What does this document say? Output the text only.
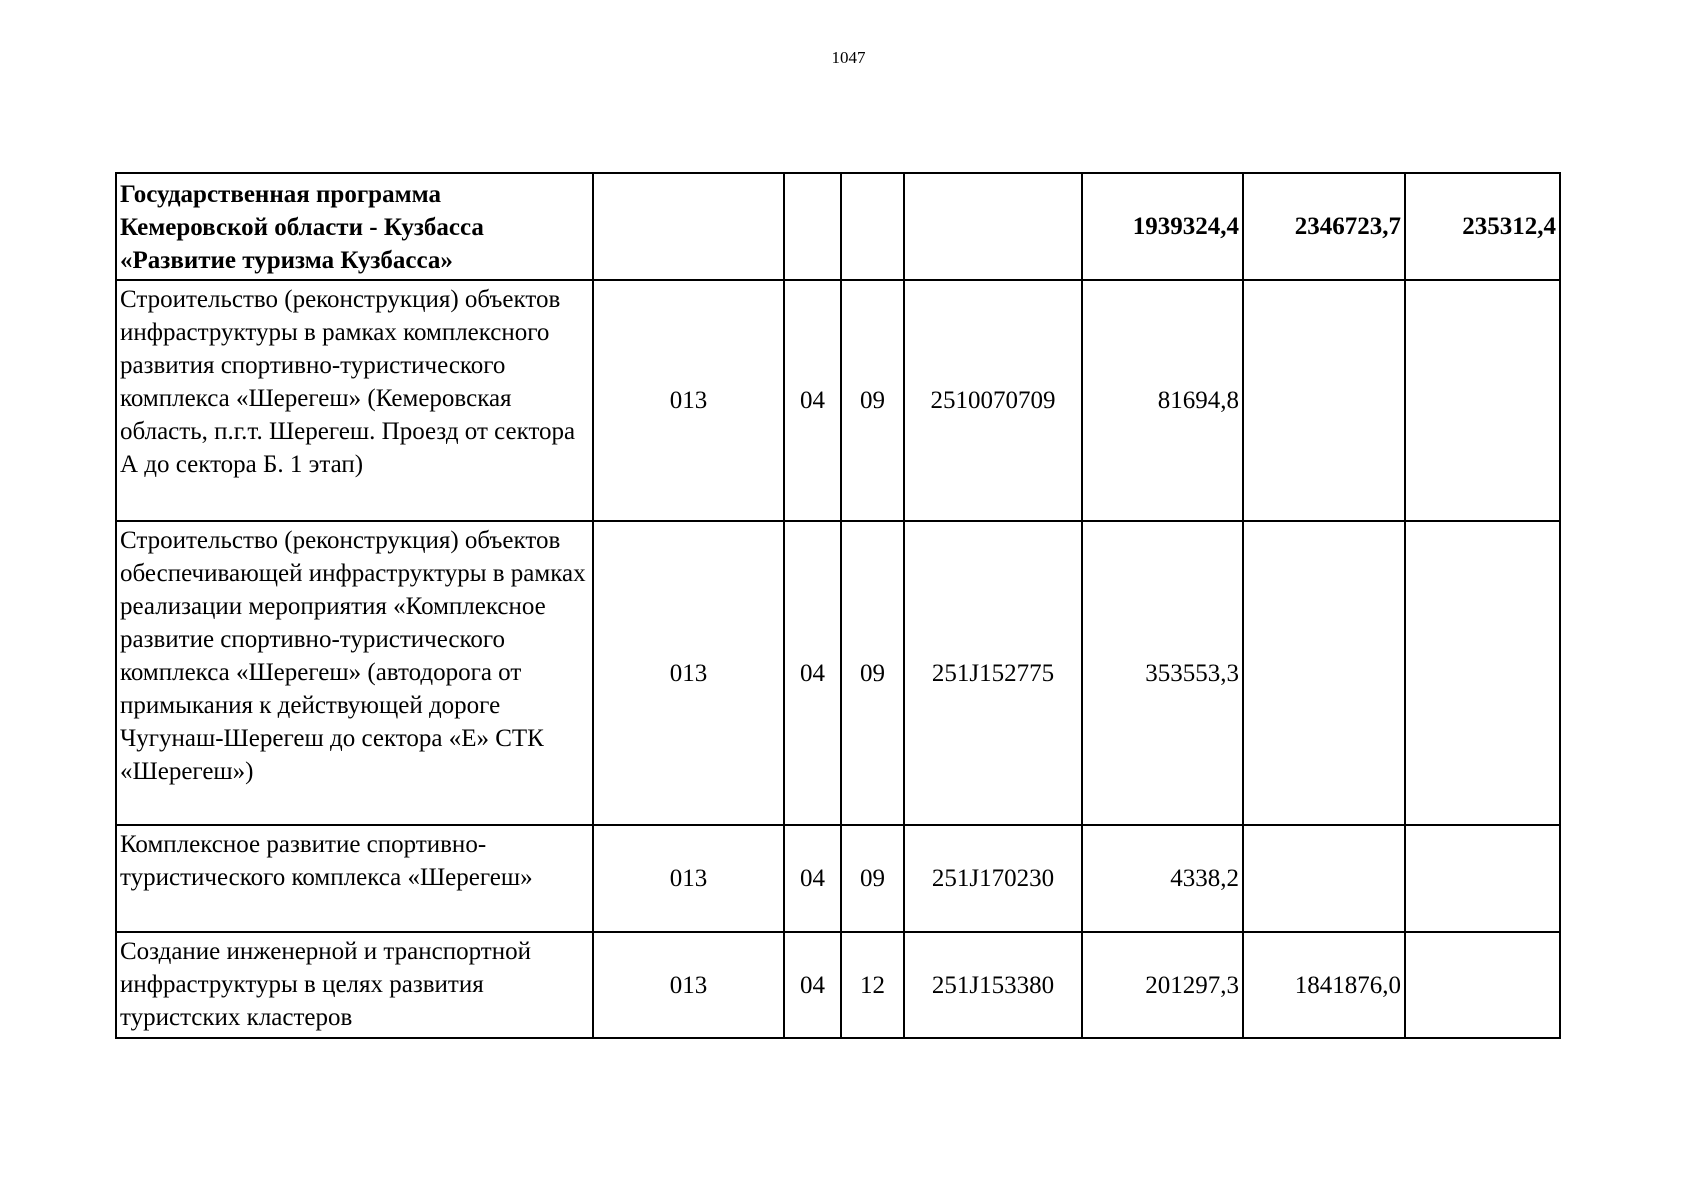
1047
Государственная программа Кемеровской области - Кузбасса «Развитие туризма Кузбасса»					1939324,4	2346723,7	235312,4
Строительство (реконструкция) объектов инфраструктуры в рамках комплексного развития спортивно-туристического комплекса «Шерегеш» (Кемеровская область, п.г.т. Шерегеш. Проезд от сектора А до сектора Б. 1 этап)	013	04	09	2510070709	81694,8		
Строительство (реконструкция) объектов обеспечивающей инфраструктуры в рамках реализации мероприятия «Комплексное развитие спортивно-туристического комплекса «Шерегеш» (автодорога от примыкания к действующей дороге Чугунаш-Шерегеш до сектора «Е» СТК «Шерегеш»)	013	04	09	251J152775	353553,3		
Комплексное развитие спортивно-туристического комплекса «Шерегеш»	013	04	09	251J170230	4338,2		
Создание инженерной и транспортной инфраструктуры в целях развития туристских кластеров	013	04	12	251J153380	201297,3	1841876,0	
